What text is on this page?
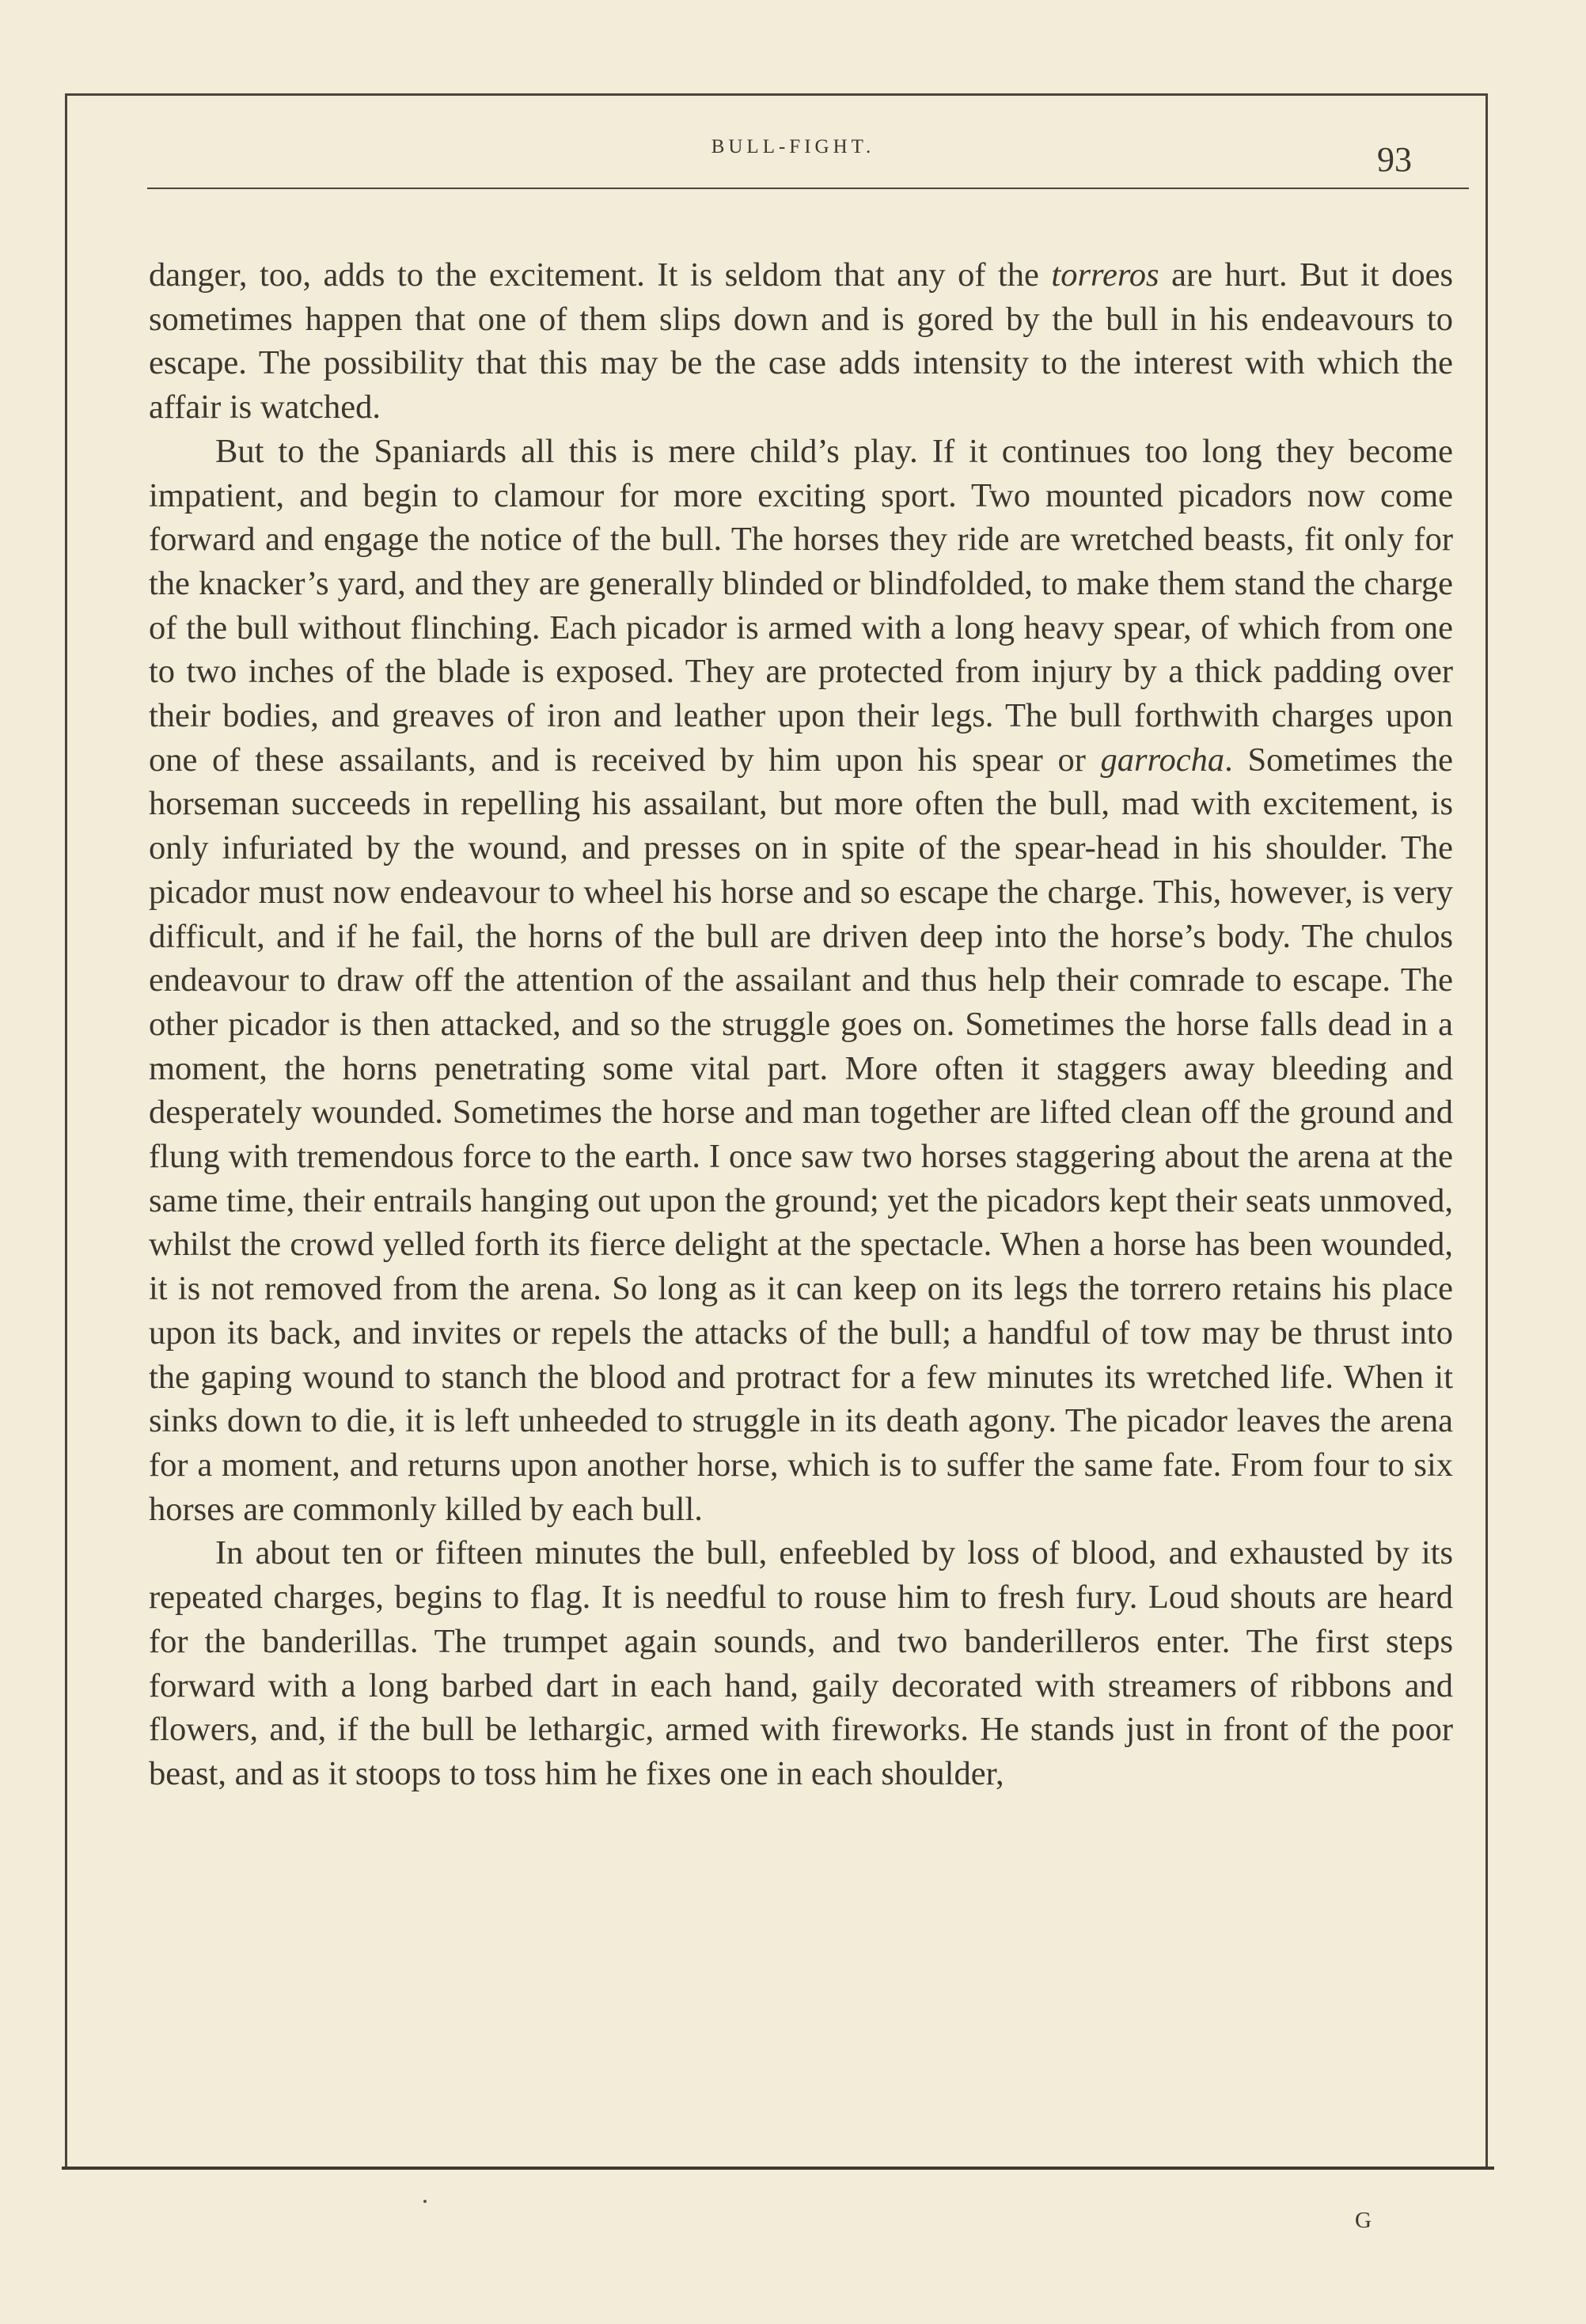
BULL-FIGHT.	93

danger, too, adds to the excitement. It is seldom that any of the torreros are hurt. But it does sometimes happen that one of them slips down and is gored by the bull in his endeavours to escape. The possibility that this may be the case adds intensity to the interest with which the affair is watched.

But to the Spaniards all this is mere child’s play. If it continues too long they become impatient, and begin to clamour for more exciting sport. Two mounted picadors now come forward and engage the notice of the bull. The horses they ride are wretched beasts, fit only for the knacker’s yard, and they are generally blinded or blindfolded, to make them stand the charge of the bull without flinching. Each picador is armed with a long heavy spear, of which from one to two inches of the blade is exposed. They are protected from injury by a thick padding over their bodies, and greaves of iron and leather upon their legs. The bull forthwith charges upon one of these assailants, and is received by him upon his spear or garrocha. Sometimes the horseman succeeds in repelling his assailant, but more often the bull, mad with excitement, is only infuriated by the wound, and presses on in spite of the spear-head in his shoulder. The picador must now endeavour to wheel his horse and so escape the charge. This, however, is very difficult, and if he fail, the horns of the bull are driven deep into the horse’s body. The chulos endeavour to draw off the attention of the assailant and thus help their comrade to escape. The other picador is then attacked, and so the struggle goes on. Sometimes the horse falls dead in a moment, the horns penetrating some vital part. More often it staggers away bleeding and desperately wounded. Sometimes the horse and man together are lifted clean off the ground and flung with tremendous force to the earth. I once saw two horses staggering about the arena at the same time, their entrails hanging out upon the ground; yet the picadors kept their seats unmoved, whilst the crowd yelled forth its fierce delight at the spectacle. When a horse has been wounded, it is not removed from the arena. So long as it can keep on its legs the torrero retains his place upon its back, and invites or repels the attacks of the bull; a handful of tow may be thrust into the gaping wound to stanch the blood and protract for a few minutes its wretched life. When it sinks down to die, it is left unheeded to struggle in its death agony. The picador leaves the arena for a moment, and returns upon another horse, which is to suffer the same fate. From four to six horses are commonly killed by each bull.

In about ten or fifteen minutes the bull, enfeebled by loss of blood, and exhausted by its repeated charges, begins to flag. It is needful to rouse him to fresh fury. Loud shouts are heard for the banderillas. The trumpet again sounds, and two banderilleros enter. The first steps forward with a long barbed dart in each hand, gaily decorated with streamers of ribbons and flowers, and, if the bull be lethargic, armed with fireworks. He stands just in front of the poor beast, and as it stoops to toss him he fixes one in each shoulder,

G
